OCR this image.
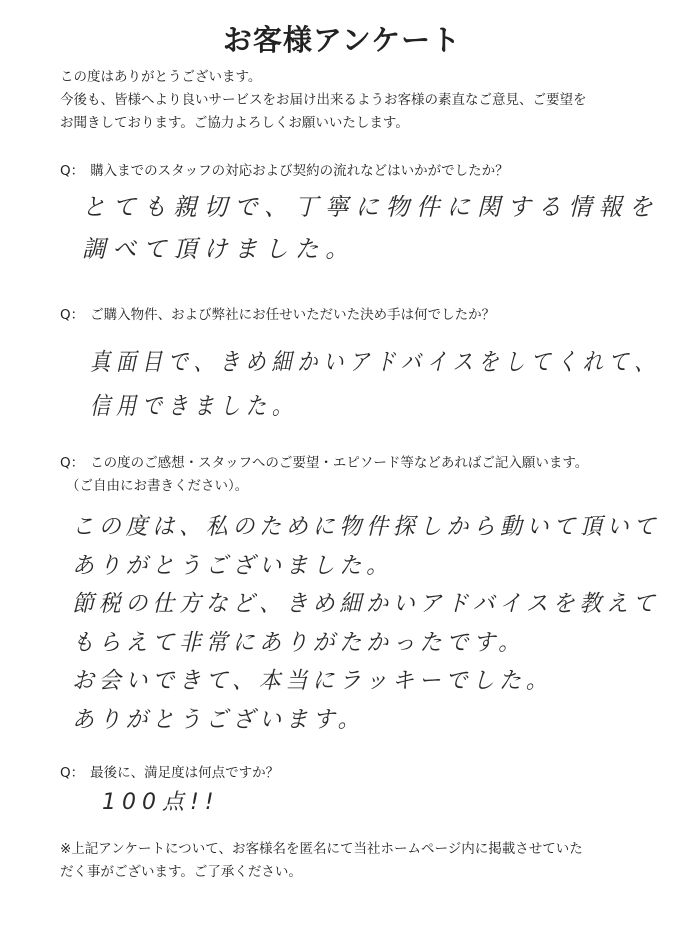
お客様アンケート
この度はありがとうございます。
今後も、皆様へより良いサービスをお届け出来るようお客様の素直なご意見、ご要望を
お聞きしております。ご協力よろしくお願いいたします。
Q： 購入までのスタッフの対応および契約の流れなどはいかがでしたか？
とても親切で、丁寧に物件に関する情報を
調べて頂けました。
Q： ご購入物件、および弊社にお任せいただいた決め手は何でしたか？
真面目で、きめ細かいアドバイスをしてくれて、
信用できました。
Q： この度のご感想・スタッフへのご要望・エピソード等などあればご記入願います。
（ご自由にお書きください）。
この度は、私のために物件探しから動いて頂いて
ありがとうございました。
節税の仕方など、きめ細かいアドバイスを教えて
もらえて非常にありがたかったです。
お会いできて、本当にラッキーでした。
ありがとうございます。
Q： 最後に、満足度は何点ですか？
100点!!
※上記アンケートについて、お客様名を匿名にて当社ホームページ内に掲載させていた
だく事がございます。ご了承ください。
